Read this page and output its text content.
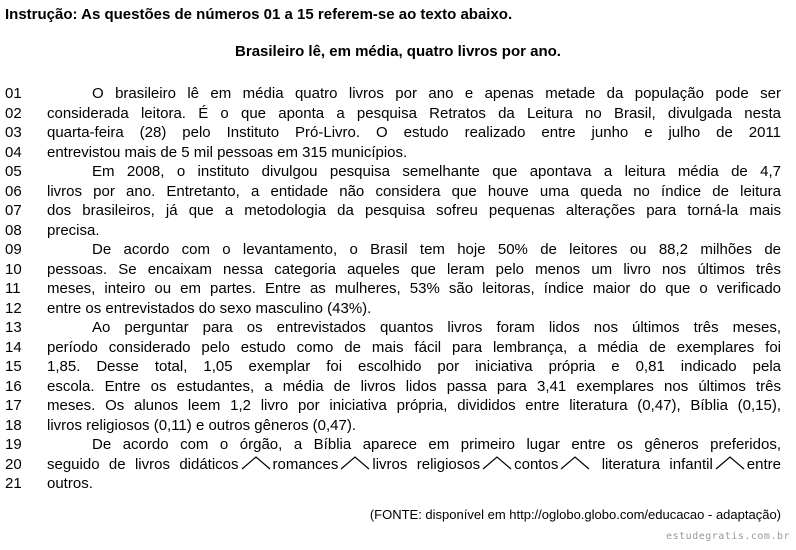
Instrução: As questões de números 01 a 15 referem-se ao texto abaixo.
Brasileiro lê, em média, quatro livros por ano.
01	O brasileiro lê em média quatro livros por ano e apenas metade da população pode ser
02 considerada leitora. É o que aponta a pesquisa Retratos da Leitura no Brasil, divulgada nesta
03 quarta-feira (28) pelo Instituto Pró-Livro. O estudo realizado entre junho e julho de 2011
04 entrevistou mais de 5 mil pessoas em 315 municípios.
05	Em 2008, o instituto divulgou pesquisa semelhante que apontava a leitura média de 4,7
06 livros por ano. Entretanto, a entidade não considera que houve uma queda no índice de leitura
07 dos brasileiros, já que a metodologia da pesquisa sofreu pequenas alterações para torná-la mais
08 precisa.
09	De acordo com o levantamento, o Brasil tem hoje 50% de leitores ou 88,2 milhões de
10 pessoas. Se encaixam nessa categoria aqueles que leram pelo menos um livro nos últimos três
11 meses, inteiro ou em partes. Entre as mulheres, 53% são leitoras, índice maior do que o verificado
12 entre os entrevistados do sexo masculino (43%).
13	Ao perguntar para os entrevistados quantos livros foram lidos nos últimos três meses,
14 período considerado pelo estudo como de mais fácil para lembrança, a média de exemplares foi
15 1,85. Desse total, 1,05 exemplar foi escolhido por iniciativa própria e 0,81 indicado pela
16 escola. Entre os estudantes, a média de livros lidos passa para 3,41 exemplares nos últimos três
17 meses. Os alunos leem 1,2 livro por iniciativa própria, divididos entre literatura (0,47), Bíblia (0,15),
18 livros religiosos (0,11) e outros gêneros (0,47).
19	De acordo com o órgão, a Bíblia aparece em primeiro lugar entre os gêneros preferidos,
20 seguido de livros didáticos romances livros religiosos contos
literatura infantil entre
21 outros.
(FONTE: disponível em http://oglobo.globo.com/educacao - adaptação)
estudegratis.com.br
